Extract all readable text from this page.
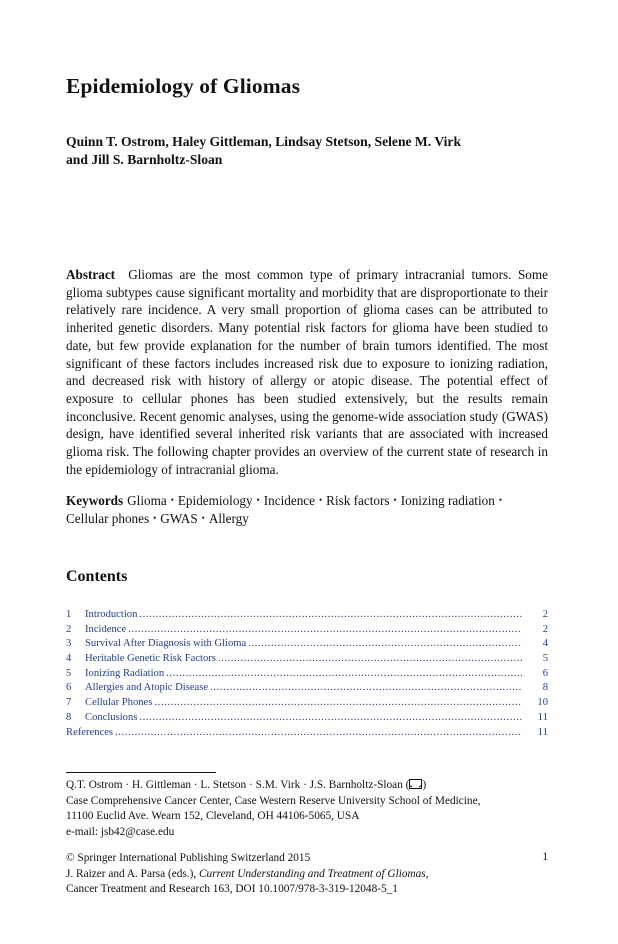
Epidemiology of Gliomas
Quinn T. Ostrom, Haley Gittleman, Lindsay Stetson, Selene M. Virk
and Jill S. Barnholtz-Sloan

Abstract Gliomas are the most common type of primary intracranial tumors. Some glioma subtypes cause significant mortality and morbidity that are disproportionate to their relatively rare incidence. A very small proportion of glioma cases can be attributed to inherited genetic disorders. Many potential risk factors for glioma have been studied to date, but few provide explanation for the number of brain tumors identified. The most significant of these factors includes increased risk due to exposure to ionizing radiation, and decreased risk with history of allergy or atopic disease. The potential effect of exposure to cellular phones has been studied extensively, but the results remain inconclusive. Recent genomic analyses, using the genome-wide association study (GWAS) design, have identified several inherited risk variants that are associated with increased glioma risk. The following chapter provides an overview of the current state of research in the epidemiology of intracranial glioma.

Keywords Glioma • Epidemiology • Incidence • Risk factors • Ionizing radiation •
Cellular phones • GWAS • Allergy

Contents
1	Introduction .....	2
2	Incidence .....	2
3	Survival After Diagnosis with Glioma .....	4
4	Heritable Genetic Risk Factors .....	5
5	Ionizing Radiation .....	6
6	Allergies and Atopic Disease .....	8
7	Cellular Phones .....	10
8	Conclusions .....	11
References .....	11
Q.T. Ostrom · H. Gittleman · L. Stetson · S.M. Virk · J.S. Barnholtz-Sloan ( )
Case Comprehensive Cancer Center, Case Western Reserve University School of Medicine,
11100 Euclid Ave. Wearn 152, Cleveland, OH 44106-5065, USA
e-mail: jsb42@case.edu
© Springer International Publishing Switzerland 2015
J. Raizer and A. Parsa (eds.), Current Understanding and Treatment of Gliomas,
Cancer Treatment and Research 163, DOI 10.1007/978-3-319-12048-5_1
1
